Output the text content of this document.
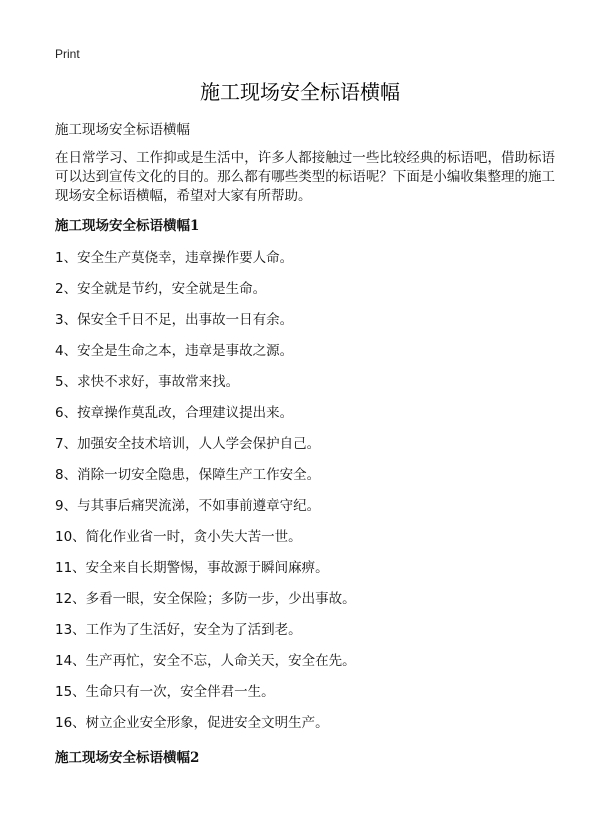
Print
施工现场安全标语横幅
施工现场安全标语横幅

在日常学习、工作抑或是生活中，许多人都接触过一些比较经典的标语吧，借助标语可以达到宣传文化的目的。那么都有哪些类型的标语呢？下面是小编收集整理的施工现场安全标语横幅，希望对大家有所帮助。

施工现场安全标语横幅1
1、安全生产莫侥幸，违章操作要人命。
2、安全就是节约，安全就是生命。
3、保安全千日不足，出事故一日有余。
4、安全是生命之本，违章是事故之源。
5、求快不求好，事故常来找。
6、按章操作莫乱改，合理建议提出来。
7、加强安全技术培训，人人学会保护自己。
8、消除一切安全隐患，保障生产工作安全。
9、与其事后痛哭流涕，不如事前遵章守纪。
10、简化作业省一时，贪小失大苦一世。
11、安全来自长期警惕，事故源于瞬间麻痹。
12、多看一眼，安全保险；多防一步，少出事故。
13、工作为了生活好，安全为了活到老。
14、生产再忙，安全不忘，人命关天，安全在先。
15、生命只有一次，安全伴君一生。
16、树立企业安全形象，促进安全文明生产。
施工现场安全标语横幅2
